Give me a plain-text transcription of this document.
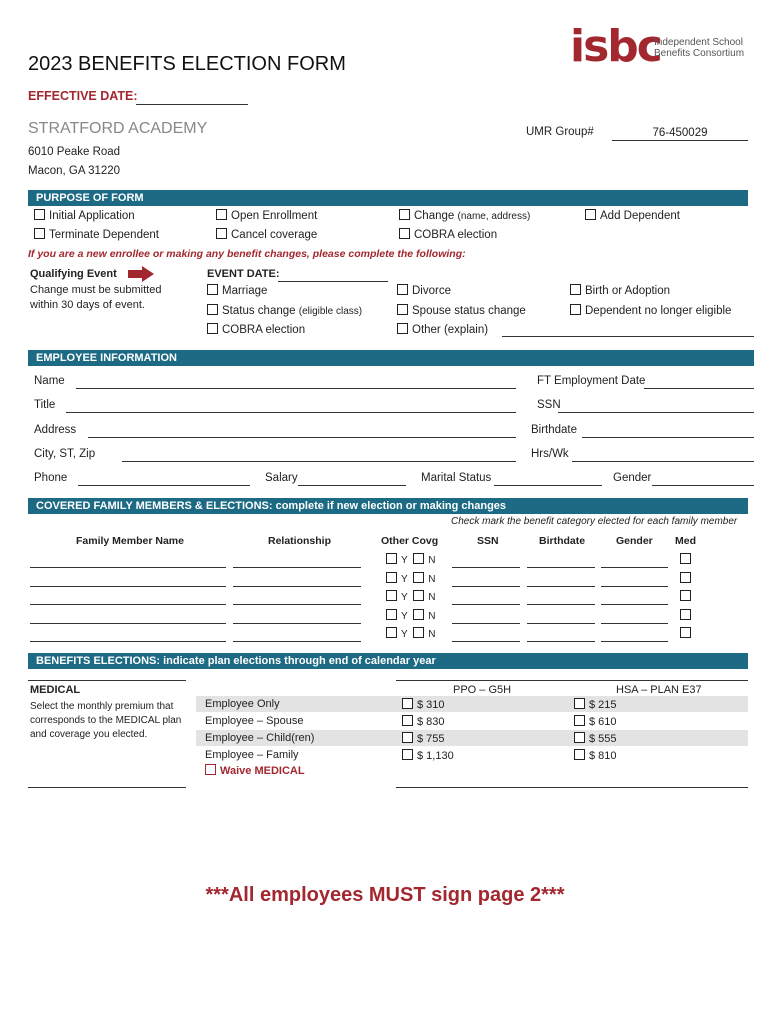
2023 BENEFITS ELECTION FORM
EFFECTIVE DATE:
isbc
Independent School
Benefits Consortium
STRATFORD ACADEMY
6010 Peake Road
Macon, GA 31220
UMR Group#	76-450029
PURPOSE OF FORM
Initial Application
Terminate Dependent
Open Enrollment
Cancel coverage
Change (name, address)
COBRA election
Add Dependent
If you are a new enrollee or making any benefit changes, please complete the following:
Qualifying Event
Change must be submitted
within 30 days of event.
EVENT DATE:
Marriage
Status change (eligible class)
COBRA election
Divorce
Spouse status change
Other (explain)
Birth or Adoption
Dependent no longer eligible
EMPLOYEE INFORMATION
Name	FT Employment Date
Title	SSN
Address	Birthdate
City, ST, Zip	Hrs/Wk
Phone	Salary	Marital Status	Gender
COVERED FAMILY MEMBERS & ELECTIONS: complete if new election or making changes
Check mark the benefit category elected for each family member
Family Member Name	Relationship	Other Covg	SSN	Birthdate	Gender Med
Y N
Y N
Y N
Y N
Y N
BENEFITS ELECTIONS: indicate plan elections through end of calendar year
MEDICAL
Select the monthly premium that
corresponds to the MEDICAL plan
and coverage you elected.
PPO – G5H	HSA – PLAN E37
Employee Only	$ 310	$ 215
Employee – Spouse	$ 830	$ 610
Employee – Child(ren)	$ 755	$ 555
Employee – Family	$ 1,130	$ 810
Waive MEDICAL
***All employees MUST sign page 2***
